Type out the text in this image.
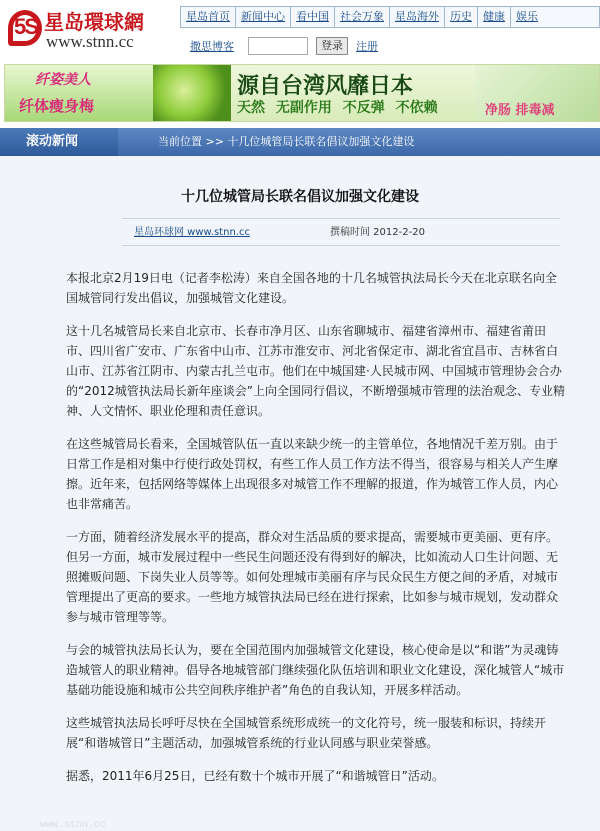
5S 星岛環球網
www.stnn.cc
星岛首页	新闻中心	看中国	社会万象	星岛海外	历史	健康	娱乐
撒思博客	登录	注册
纤姿美人
纤体瘦身梅
源自台湾风靡日本
天然 无副作用 不反弹 不依赖	净肠 排毒减
滚动新闻	当前位置 >> 十几位城管局长联名倡议加强文化建设
十几位城管局长联名倡议加强文化建设
星岛环球网 www.stnn.cc	撰稿时间 2012-2-20

本报北京2月19日电（记者李松涛）来自全国各地的十几名城管执法局长今天在北京联名向全国城管同行发出倡议，加强城管文化建设。

这十几名城管局长来自北京市、长春市净月区、山东省聊城市、福建省漳州市、福建省莆田市、四川省广安市、广东省中山市、江苏市淮安市、河北省保定市、湖北省宜昌市、吉林省白山市、江苏省江阴市、内蒙古扎兰屯市。他们在中城国建·人民城市网、中国城市管理协会合办的“2012城管执法局长新年座谈会”上向全国同行倡议，不断增强城市管理的法治观念、专业精神、人文情怀、职业伦理和责任意识。

在这些城管局长看来，全国城管队伍一直以来缺少统一的主管单位，各地情况千差万别。由于日常工作是相对集中行使行政处罚权，有些工作人员工作方法不得当，很容易与相关人产生摩擦。近年来，包括网络等媒体上出现很多对城管工作不理解的报道，作为城管工作人员，内心也非常痛苦。

一方面，随着经济发展水平的提高，群众对生活品质的要求提高，需要城市更美丽、更有序。但另一方面，城市发展过程中一些民生问题还没有得到好的解决，比如流动人口生计问题、无照摊贩问题、下岗失业人员等等。如何处理城市美丽有序与民众民生方便之间的矛盾，对城市管理提出了更高的要求。一些地方城管执法局已经在进行探索，比如参与城市规划，发动群众参与城市管理等等。

与会的城管执法局长认为，要在全国范围内加强城管文化建设，核心使命是以“和谐”为灵魂铸造城管人的职业精神。倡导各地城管部门继续强化队伍培训和职业文化建设，深化城管人“城市基础功能设施和城市公共空间秩序维护者”角色的自我认知，开展多样活动。

这些城管执法局长呼吁尽快在全国城管系统形成统一的文化符号，统一服装和标识，持续开展“和谐城管日”主题活动，加强城管系统的行业认同感与职业荣誉感。

据悉，2011年6月25日，已经有数十个城市开展了“和谐城管日”活动。

www.stnn.cc
